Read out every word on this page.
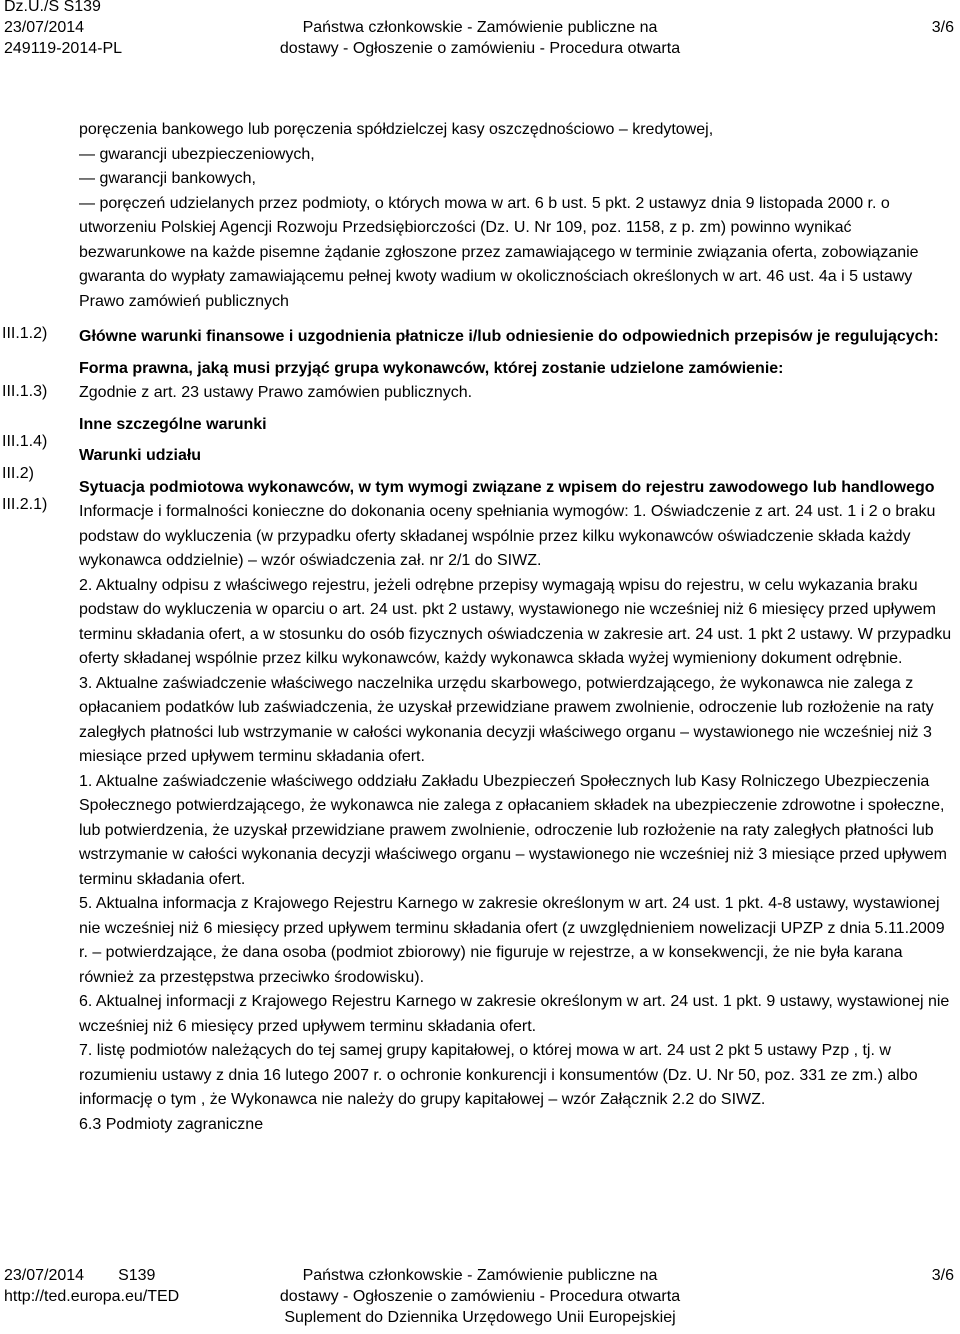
Dz.U./S S139
23/07/2014
249119-2014-PL
Państwa członkowskie - Zamówienie publiczne na
dostawy - Ogłoszenie o zamówieniu - Procedura otwarta
3/6
III.1.2)
III.1.3)
III.1.4)
III.2)
III.2.1)

poręczenia bankowego lub poręczenia spółdzielczej kasy oszczędnościowo – kredytowej,

— gwarancji ubezpieczeniowych,

— gwarancji bankowych,

— poręczeń udzielanych przez podmioty, o których mowa w art. 6 b ust. 5 pkt. 2 ustawyz dnia 9 listopada 2000 r. o utworzeniu Polskiej Agencji Rozwoju Przedsiębiorczości (Dz. U. Nr 109, poz. 1158, z p. zm) powinno wynikać bezwarunkowe na każde pisemne żądanie zgłoszone przez zamawiającego w terminie związania oferta, zobowiązanie gwaranta do wypłaty zamawiającemu pełnej kwoty wadium w okolicznościach określonych w art. 46 ust. 4a i 5 ustawy Prawo zamówień publicznych

Główne warunki finansowe i uzgodnienia płatnicze i/lub odniesienie do odpowiednich przepisów je regulujących:

Forma prawna, jaką musi przyjąć grupa wykonawców, której zostanie udzielone zamówienie:

Zgodnie z art. 23 ustawy Prawo zamówien publicznych.

Inne szczególne warunki

Warunki udziału

Sytuacja podmiotowa wykonawców, w tym wymogi związane z wpisem do rejestru zawodowego lub handlowego

Informacje i formalności konieczne do dokonania oceny spełniania wymogów: 1. Oświadczenie z art. 24 ust. 1 i 2 o braku podstaw do wykluczenia (w przypadku oferty składanej wspólnie przez kilku wykonawców oświadczenie składa każdy wykonawca oddzielnie) – wzór oświadczenia zał. nr 2/1 do SIWZ.

2. Aktualny odpisu z właściwego rejestru, jeżeli odrębne przepisy wymagają wpisu do rejestru, w celu wykazania braku podstaw do wykluczenia w oparciu o art. 24 ust. pkt 2 ustawy, wystawionego nie wcześniej niż 6 miesięcy przed upływem terminu składania ofert, a w stosunku do osób fizycznych oświadczenia w zakresie art. 24 ust. 1 pkt 2 ustawy. W przypadku oferty składanej wspólnie przez kilku wykonawców, każdy wykonawca składa wyżej wymieniony dokument odrębnie.

3. Aktualne zaświadczenie właściwego naczelnika urzędu skarbowego, potwierdzającego, że wykonawca nie zalega z opłacaniem podatków lub zaświadczenia, że uzyskał przewidziane prawem zwolnienie, odroczenie lub rozłożenie na raty zaległych płatności lub wstrzymanie w całości wykonania decyzji właściwego organu – wystawionego nie wcześniej niż 3 miesiące przed upływem terminu składania ofert.

1. Aktualne zaświadczenie właściwego oddziału Zakładu Ubezpieczeń Społecznych lub Kasy Rolniczego Ubezpieczenia Społecznego potwierdzającego, że wykonawca nie zalega z opłacaniem składek na ubezpieczenie zdrowotne i społeczne, lub potwierdzenia, że uzyskał przewidziane prawem zwolnienie, odroczenie lub rozłożenie na raty zaległych płatności lub wstrzymanie w całości wykonania decyzji właściwego organu – wystawionego nie wcześniej niż 3 miesiące przed upływem terminu składania ofert.

5. Aktualna informacja z Krajowego Rejestru Karnego w zakresie określonym w art. 24 ust. 1 pkt. 4-8 ustawy, wystawionej nie wcześniej niż 6 miesięcy przed upływem terminu składania ofert (z uwzględnieniem nowelizacji UPZP z dnia 5.11.2009 r. – potwierdzające, że dana osoba (podmiot zbiorowy) nie figuruje w rejestrze, a w konsekwencji, że nie była karana również za przestępstwa przeciwko środowisku).

6. Aktualnej informacji z Krajowego Rejestru Karnego w zakresie określonym w art. 24 ust. 1 pkt. 9 ustawy, wystawionej nie wcześniej niż 6 miesięcy przed upływem terminu składania ofert.

7. listę podmiotów należących do tej samej grupy kapitałowej, o której mowa w art. 24 ust 2 pkt 5 ustawy Pzp , tj. w rozumieniu ustawy z dnia 16 lutego 2007 r. o ochronie konkurencji i konsumentów (Dz. U. Nr 50, poz. 331 ze zm.) albo informację o tym , że Wykonawca nie należy do grupy kapitałowej – wzór Załącznik 2.2 do SIWZ.

6.3 Podmioty zagraniczne

23/07/2014 S139
http://ted.europa.eu/TED
Państwa członkowskie - Zamówienie publiczne na
dostawy - Ogłoszenie o zamówieniu - Procedura otwarta
Suplement do Dziennika Urzędowego Unii Europejskiej
3/6
